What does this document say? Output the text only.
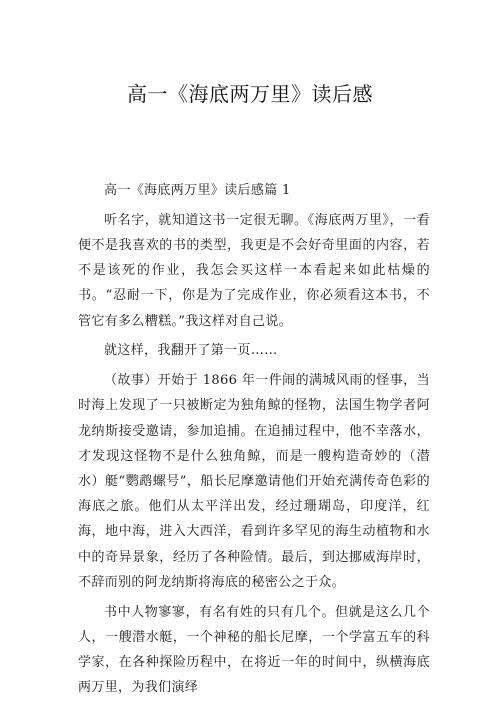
高一《海底两万里》读后感

高一《海底两万里》读后感篇 1

听名字，就知道这书一定很无聊。《海底两万里》，一看便不是我喜欢的书的类型，我更是不会好奇里面的内容，若不是该死的作业，我怎会买这样一本看起来如此枯燥的书。“忍耐一下，你是为了完成作业，你必须看这本书，不管它有多么糟糕。”我这样对自己说。

就这样，我翻开了第一页……

（故事）开始于 1866 年一件闹的满城风雨的怪事，当时海上发现了一只被断定为独角鲸的怪物，法国生物学者阿龙纳斯接受邀请，参加追捕。在追捕过程中，他不幸落水，才发现这怪物不是什么独角鲸，而是一艘构造奇妙的（潜水）艇“鹦鹉螺号”，船长尼摩邀请他们开始充满传奇色彩的海底之旅。他们从太平洋出发，经过珊瑚岛，印度洋，红海，地中海，进入大西洋，看到许多罕见的海生动植物和水中的奇异景象，经历了各种险情。最后，到达挪威海岸时，不辞而别的阿龙纳斯将海底的秘密公之于众。

书中人物寥寥，有名有姓的只有几个。但就是这么几个人，一艘潜水艇，一个神秘的船长尼摩，一个学富五车的科学家，在各种探险历程中，在将近一年的时间中，纵横海底两万里，为我们演绎
